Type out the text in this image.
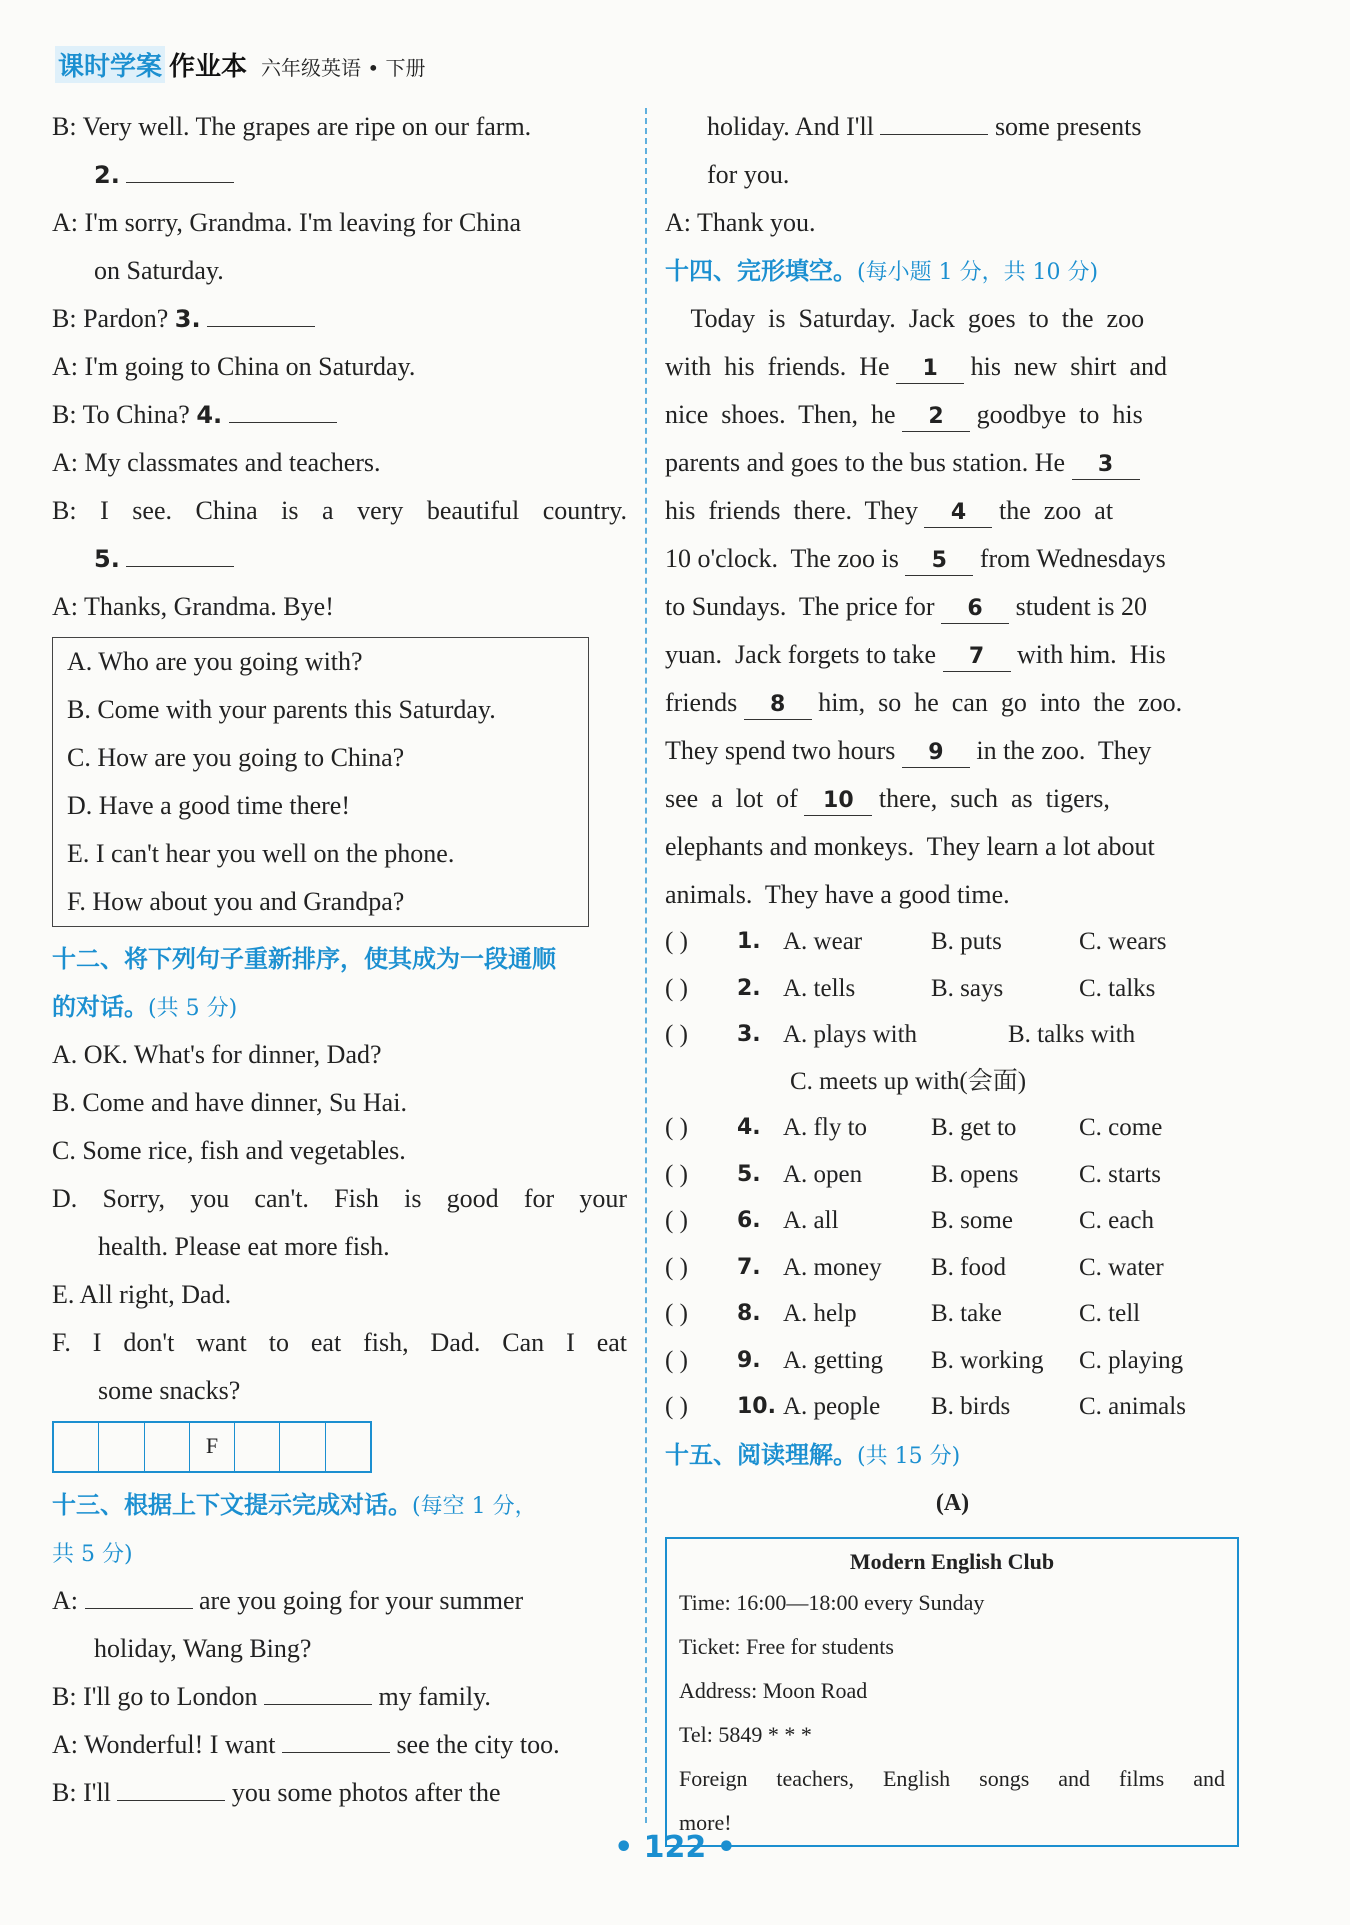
课时学案 作业本 六年级英语 • 下册
B: Very well. The grapes are ripe on our farm.
2.
A: I'm sorry, Grandma. I'm leaving for China
on Saturday.
B: Pardon? 3.
A: I'm going to China on Saturday.
B: To China? 4.
A: My classmates and teachers.
B: I see. China is a very beautiful country.
5.
A: Thanks, Grandma. Bye!
A. Who are you going with?
B. Come with your parents this Saturday.
C. How are you going to China?
D. Have a good time there!
E. I can't hear you well on the phone.
F. How about you and Grandpa?
十二、将下列句子重新排序，使其成为一段通顺
的对话。(共 5 分)
A. OK. What's for dinner, Dad?
B. Come and have dinner, Su Hai.
C. Some rice, fish and vegetables.
D. Sorry, you can't. Fish is good for your
health. Please eat more fish.
E. All right, Dad.
F. I don't want to eat fish, Dad. Can I eat
some snacks?
F
十三、根据上下文提示完成对话。(每空 1 分，
共 5 分)
A:	are you going for your summer
holiday, Wang Bing?
B: I'll go to London	my family.
A: Wonderful! I want	see the city too.
B: I'll	you some photos after the
holiday. And I'll	some presents
for you.
A: Thank you.
十四、完形填空。(每小题 1 分，共 10 分)
Today  is  Saturday.  Jack  goes  to  the  zoo
with  his  friends.  He 1 his  new  shirt  and
nice  shoes.  Then,  he 2 goodbye  to  his
parents and goes to the bus station. He 3
his  friends  there.  They 4 the  zoo  at
10 o'clock.  The zoo is 5 from Wednesdays
to Sundays.  The price for 6 student is 20
yuan.  Jack forgets to take 7 with him.  His
friends 8 him,  so  he  can  go  into  the  zoo.
They spend two hours 9 in the zoo.  They
see  a  lot  of 10 there,  such  as  tigers,
elephants and monkeys.  They learn a lot about
animals.  They have a good time.
( )	1. A. wear	B. puts	C. wears
( )	2. A. tells	B. says	C. talks
( )	3. A. plays with	B. talks with
C. meets up with(会面)
( )	4. A. fly to	B. get to	C. come
( )	5. A. open	B. opens	C. starts
( )	6. A. all	B. some	C. each
( )	7. A. money	B. food	C. water
( )	8. A. help	B. take	C. tell
( )	9. A. getting	B. working	C. playing
( )	10. A. people	B. birds	C. animals
十五、阅读理解。(共 15 分)
(A)
Modern English Club
Time: 16:00—18:00 every Sunday
Ticket: Free for students
Address: Moon Road
Tel: 5849 * * *
Foreign teachers, English songs and films and
more!
• 122 •
